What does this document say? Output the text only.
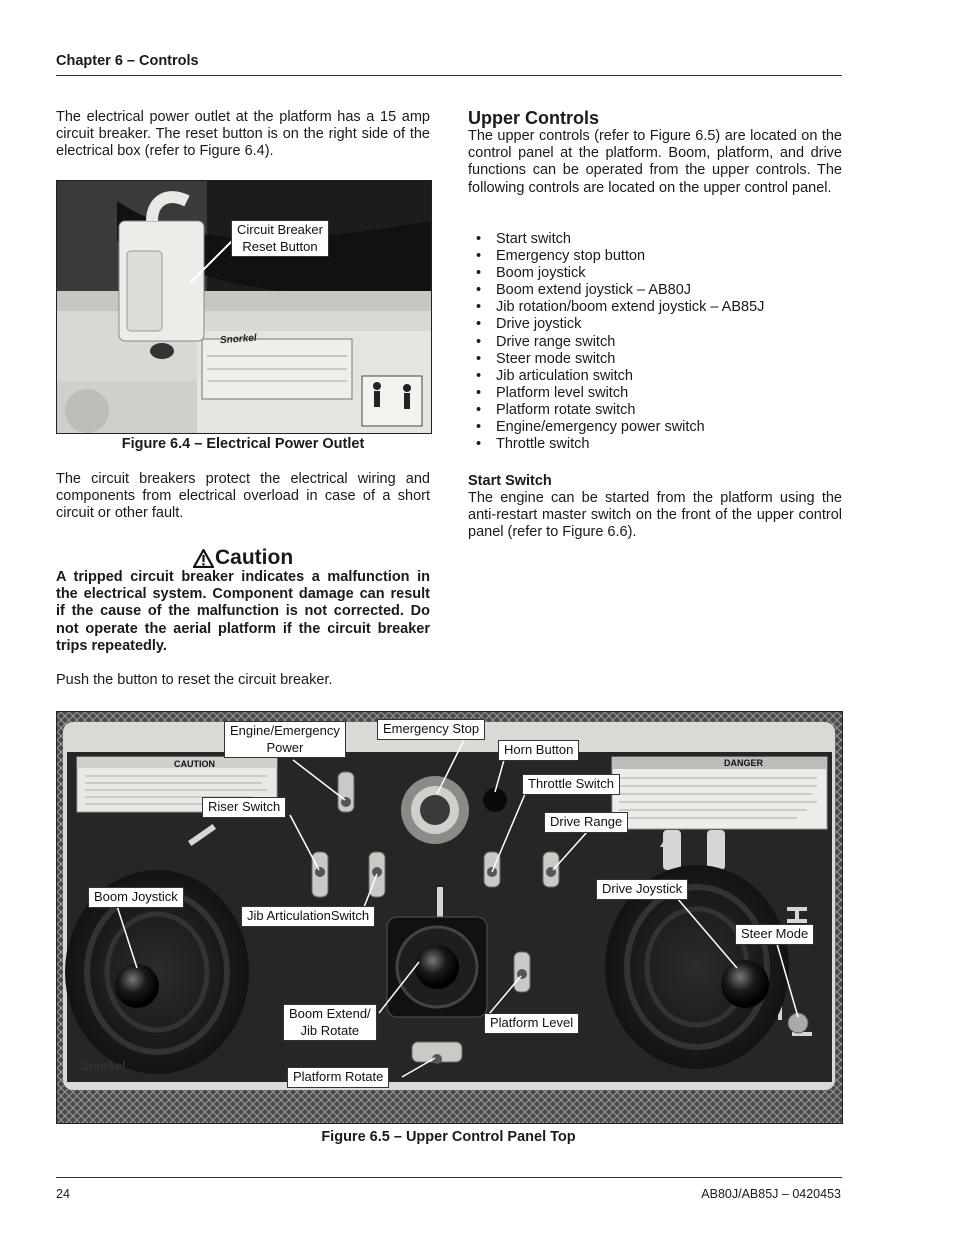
Chapter 6 – Controls
The electrical power outlet at the platform has a 15 amp circuit breaker. The reset button is on the right side of the electrical box (refer to Figure 6.4).
Snorkel
Circuit Breaker
Reset Button
Figure 6.4 – Electrical Power Outlet
The circuit breakers protect the electrical wiring and components from electrical overload in case of a short circuit or other fault.
Caution
A tripped circuit breaker indicates a malfunction in the electrical system. Component damage can result if the cause of the malfunction is not corrected. Do not operate the aerial platform if the circuit breaker trips repeatedly.
Push the button to reset the circuit breaker.
Upper Controls
The upper controls (refer to Figure 6.5) are located on the control panel at the platform. Boom, platform, and drive functions can be operated from the upper controls. The following controls are located on the upper control panel.
• Start switch
• Emergency stop button
• Boom joystick
• Boom extend joystick – AB80J
• Jib rotation/boom extend joystick – AB85J
• Drive joystick
• Drive range switch
• Steer mode switch
• Jib articulation switch
• Platform level switch
• Platform rotate switch
• Engine/emergency power switch
• Throttle switch
Start Switch
The engine can be started from the platform using the anti-restart master switch on the front of the upper control panel (refer to Figure 6.6).
CAUTION	DANGER
Snorkel
Engine/Emergency
Power
Emergency Stop
Horn Button
Throttle Switch
Riser Switch
Drive Range
Boom Joystick
Drive Joystick
Jib ArticulationSwitch
Steer Mode
Boom Extend/
Jib Rotate	Platform Level
Platform Rotate
Figure 6.5 – Upper Control Panel Top
24	AB80J/AB85J – 0420453
